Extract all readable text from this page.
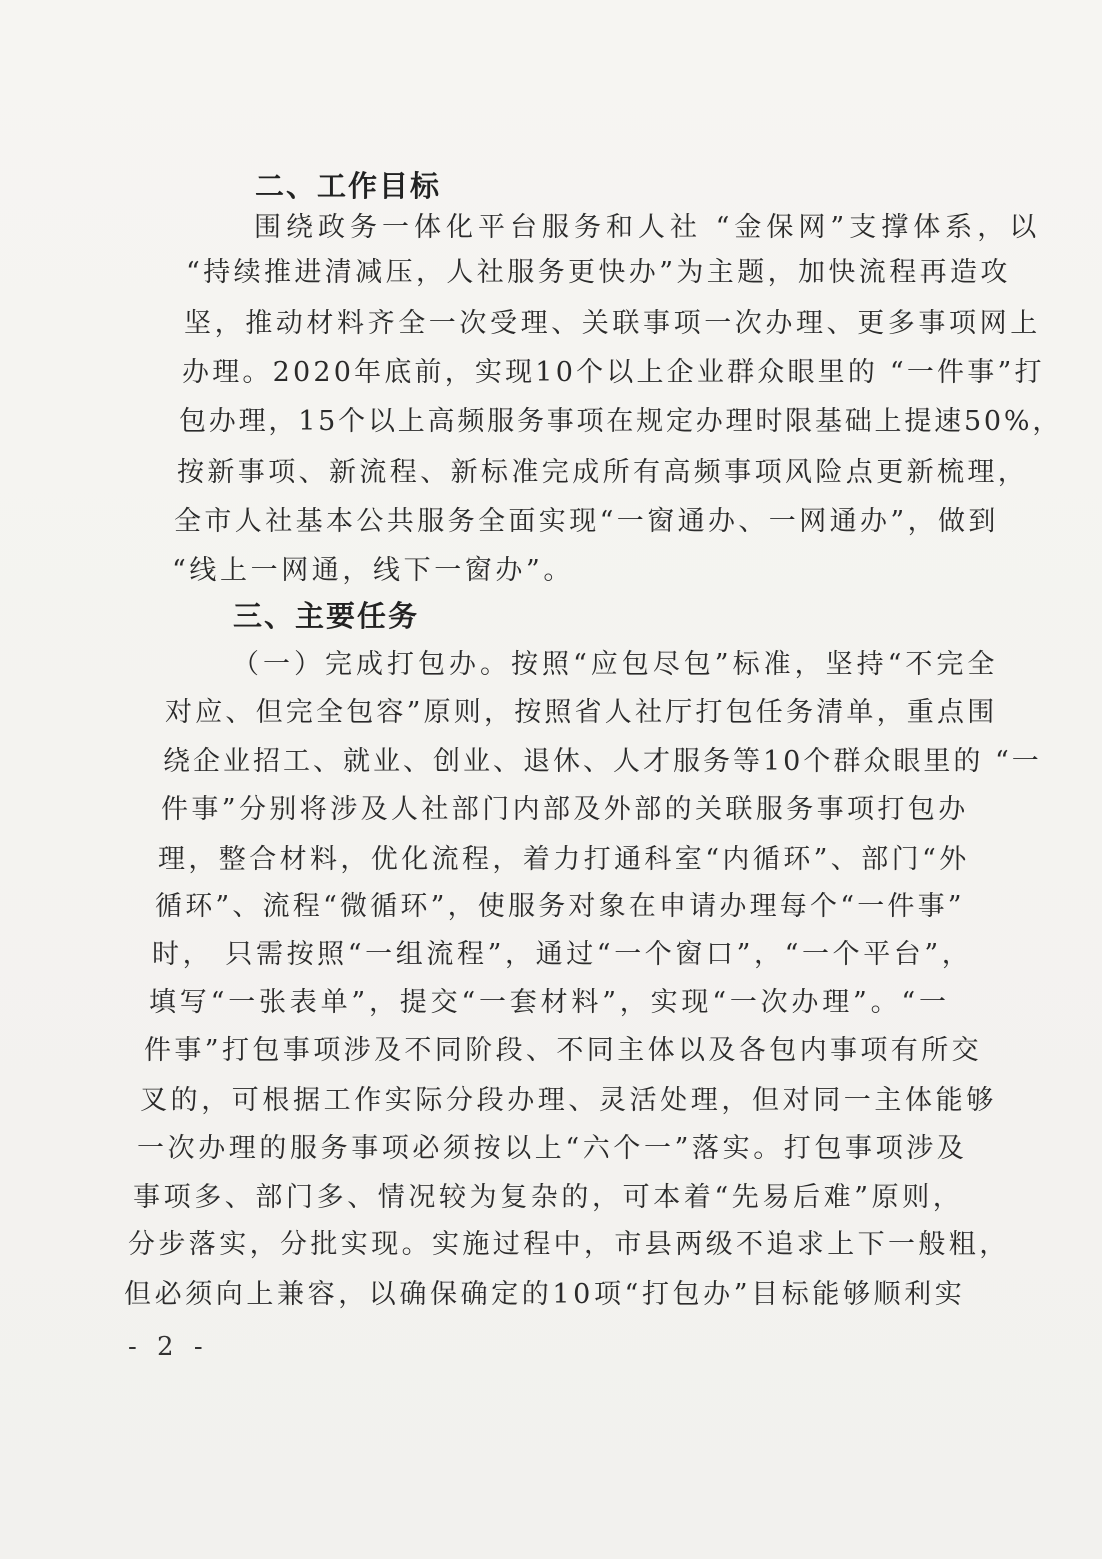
二、工作目标
围绕政务一体化平台服务和人社 “金保网”支撑体系，以
“持续推进清减压，人社服务更快办”为主题，加快流程再造攻
坚，推动材料齐全一次受理、关联事项一次办理、更多事项网上
办理。2020年底前，实现10个以上企业群众眼里的 “一件事”打
包办理，15个以上高频服务事项在规定办理时限基础上提速50%，
按新事项、新流程、新标准完成所有高频事项风险点更新梳理，
全市人社基本公共服务全面实现“一窗通办、一网通办”，做到
“线上一网通，线下一窗办”。
三、主要任务
（一）完成打包办。按照“应包尽包”标准，坚持“不完全
对应、但完全包容”原则，按照省人社厅打包任务清单，重点围
绕企业招工、就业、创业、退休、人才服务等10个群众眼里的 “一
件事”分别将涉及人社部门内部及外部的关联服务事项打包办
理，整合材料，优化流程，着力打通科室“内循环”、部门“外
循环”、流程“微循环”，使服务对象在申请办理每个“一件事”
时， 只需按照“一组流程”，通过“一个窗口”，“一个平台”，
填写“一张表单”，提交“一套材料”，实现“一次办理”。“一
件事”打包事项涉及不同阶段、不同主体以及各包内事项有所交
叉的，可根据工作实际分段办理、灵活处理，但对同一主体能够
一次办理的服务事项必须按以上“六个一”落实。打包事项涉及
事项多、部门多、情况较为复杂的，可本着“先易后难”原则，
分步落实，分批实现。实施过程中，市县两级不追求上下一般粗，
但必须向上兼容，以确保确定的10项“打包办”目标能够顺利实
- 2 -
